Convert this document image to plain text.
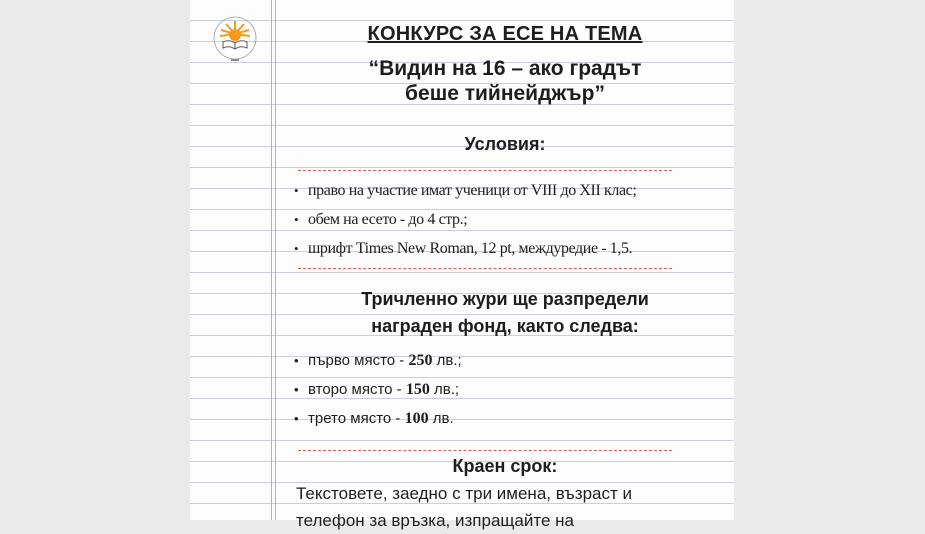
КОНКУРС ЗА ЕСЕ НА ТЕМА
“Видин на 16 – ако градът
беше тийнейджър”
Условия:
• право на участие имат ученици от VIII до XII клас;
• обем на есето - до 4 стр.;
• шрифт Times New Roman, 12 pt, междуредие - 1,5.
Тричленно жури ще разпредели
награден фонд, както следва:
• първо място - 250 лв.;
• второ място - 150 лв.;
• трето място - 100 лв.
Краен срок:
Текстовете, заедно с три имена, възраст и
телефон за връзка, изпращайте на
